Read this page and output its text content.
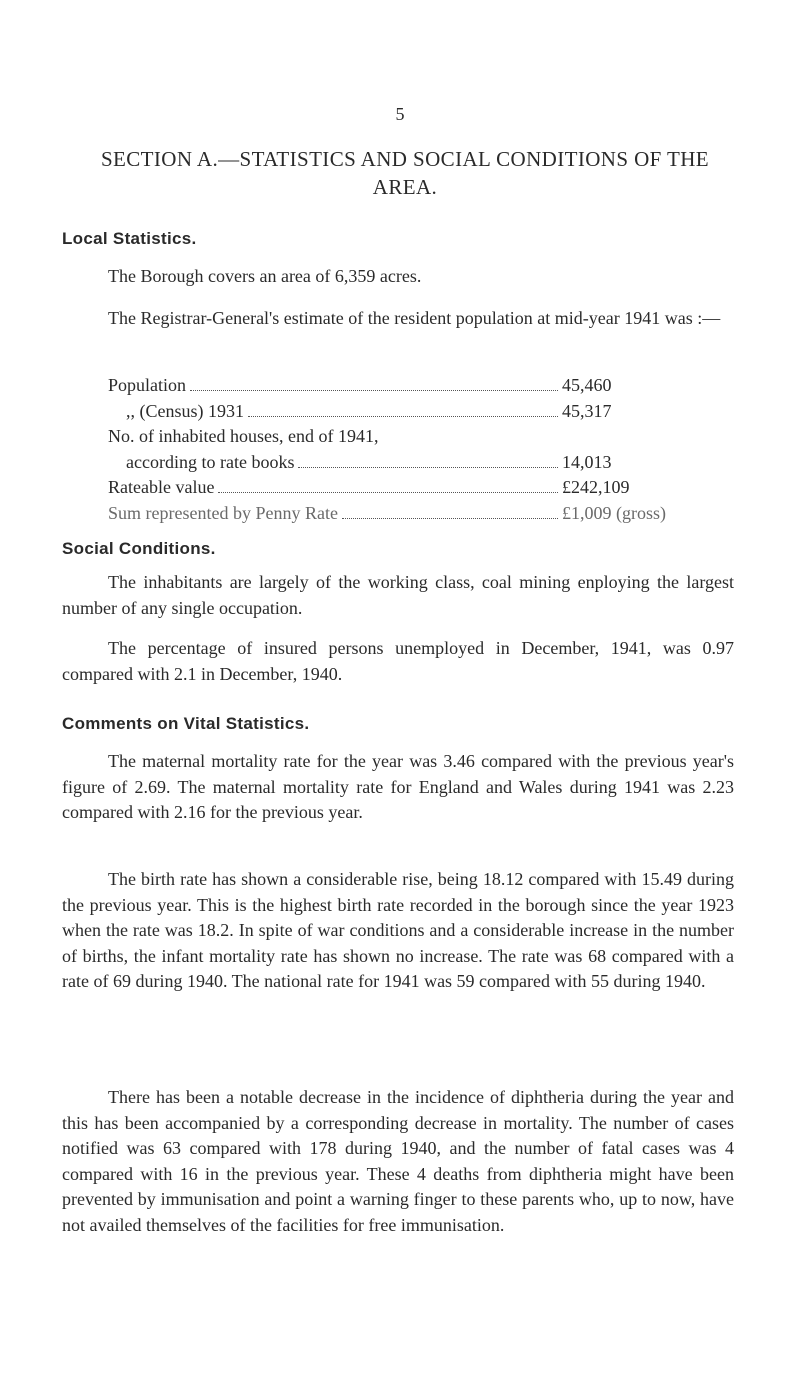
5
SECTION A.—STATISTICS AND SOCIAL CONDITIONS OF THE AREA.
Local Statistics.

The Borough covers an area of 6,359 acres.

The Registrar-General's estimate of the resident population at mid-year 1941 was :—

Population	45,460
,, (Census) 1931	45,317
No. of inhabited houses, end of 1941,
according to rate books	14,013
Rateable value	£242,109
Sum represented by Penny Rate	£1,009 (gross)
Social Conditions.

The inhabitants are largely of the working class, coal mining enploying the largest number of any single occupation.

The percentage of insured persons unemployed in December, 1941, was 0.97 compared with 2.1 in December, 1940.

Comments on Vital Statistics.

The maternal mortality rate for the year was 3.46 compared with the previous year's figure of 2.69. The maternal mortality rate for England and Wales during 1941 was 2.23 compared with 2.16 for the previous year.

The birth rate has shown a considerable rise, being 18.12 compared with 15.49 during the previous year. This is the highest birth rate recorded in the borough since the year 1923 when the rate was 18.2. In spite of war conditions and a considerable increase in the number of births, the infant mortality rate has shown no increase. The rate was 68 compared with a rate of 69 during 1940. The national rate for 1941 was 59 compared with 55 during 1940.

There has been a notable decrease in the incidence of diphtheria during the year and this has been accompanied by a corresponding decrease in mortality. The number of cases notified was 63 compared with 178 during 1940, and the number of fatal cases was 4 compared with 16 in the previous year. These 4 deaths from diphtheria might have been prevented by immunisation and point a warning finger to these parents who, up to now, have not availed themselves of the facilities for free immunisation.
